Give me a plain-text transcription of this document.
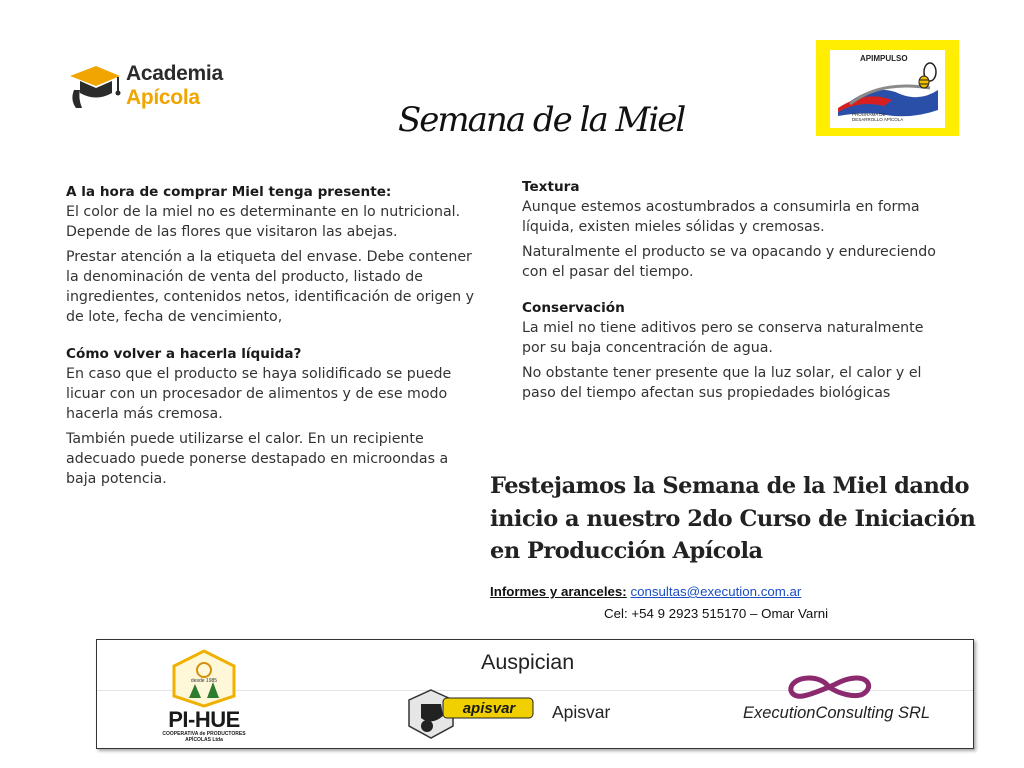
Academia
Apícola
APIMPULSO
PROGRAMA DE DESARROLLO APÍCOLA
Semana de la Miel
A la hora de comprar Miel tenga presente:

El color de la miel no es determinante en lo nutricional. Depende de las flores que visitaron las abejas.

Prestar atención a la etiqueta del envase. Debe contener la denominación de venta del producto, listado de ingredientes, contenidos netos, identificación de origen y de lote, fecha de vencimiento,

Cómo volver a hacerla líquida?

En caso que el producto se haya solidificado se puede licuar con un procesador de alimentos y de ese modo hacerla más cremosa.

También puede utilizarse el calor. En un recipiente adecuado puede ponerse destapado en microondas a baja potencia.

Textura

Aunque estemos acostumbrados a consumirla en forma líquida, existen mieles sólidas y cremosas.

Naturalmente el producto se va opacando y endureciendo con el pasar del tiempo.

Conservación

La miel no tiene aditivos pero se conserva naturalmente por su baja concentración de agua.

No obstante tener presente que la luz solar, el calor y el paso del tiempo afectan sus propiedades biológicas

Festejamos la Semana de la Miel dando inicio a nuestro 2do Curso de Iniciación en Producción Apícola
Informes y aranceles: consultas@execution.com.ar
Cel: +54 9 2923 515170 – Omar Varni
Auspician
desde 1985
PI-HUE
COOPERATIVA de PRODUCTORES APÍCOLAS Ltda
apisvar Apisvar	ExecutionConsulting SRL
